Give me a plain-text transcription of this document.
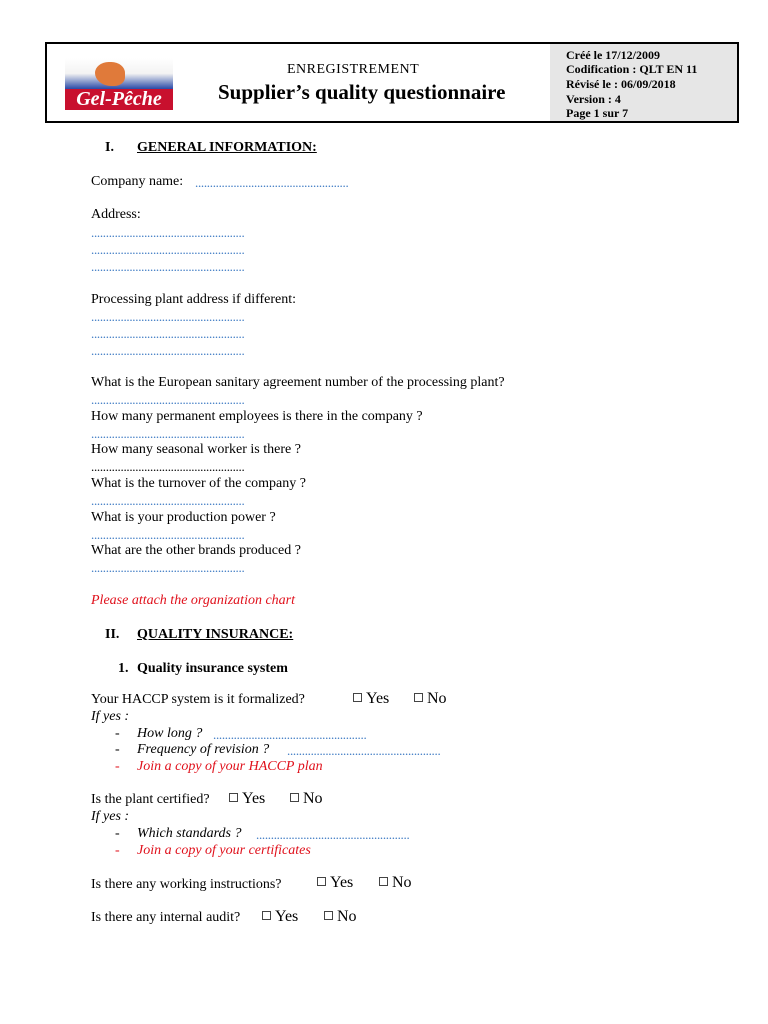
Gel-Pêche
ENREGISTREMENT
Supplier’s quality questionnaire
Créé le 17/12/2009
Codification : QLT EN 11
Révisé le : 06/09/2018
Version : 4
Page 1 sur 7
I. GENERAL INFORMATION:
Company name: ....................................................
Address:
....................................................
....................................................
....................................................
Processing plant address if different:
....................................................
....................................................
....................................................
What is the European sanitary agreement number of the processing plant?
....................................................
How many permanent employees is there in the company ?
....................................................
How many seasonal worker is there ?
....................................................
What is the turnover of the company ?
....................................................
What is your production power ?
....................................................
What are the other brands produced ?
....................................................
Please attach the organization chart
II. QUALITY INSURANCE:
1. Quality insurance system
Your HACCP system is it formalized?	Yes	No
If yes :
- How long ? ....................................................
- Frequency of revision ? ....................................................
- Join a copy of your HACCP plan
Is the plant certified?	Yes	No
If yes :
- Which standards ? ....................................................
- Join a copy of your certificates
Is there any working instructions?	Yes	No
Is there any internal audit?	Yes	No
